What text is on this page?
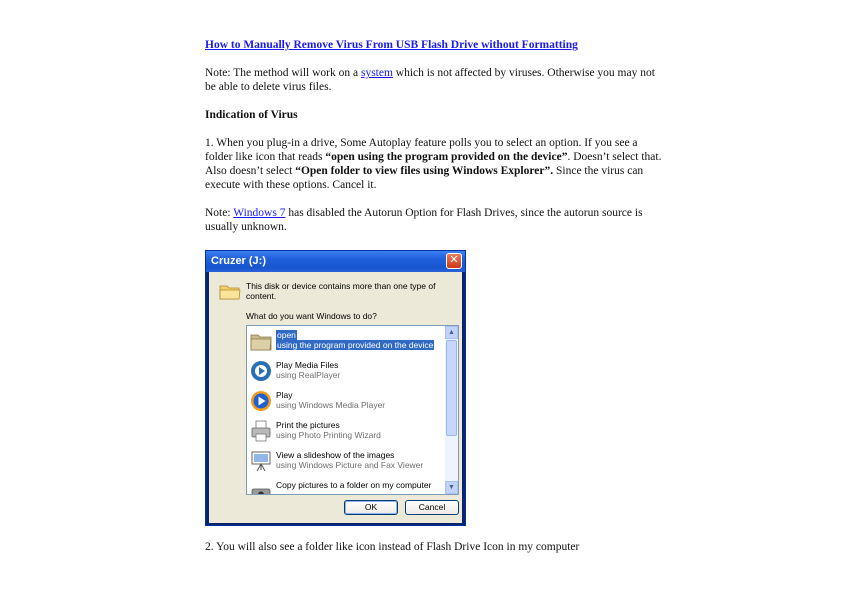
How to Manually Remove Virus From USB Flash Drive without Formatting

Note: The method will work on a system which is not affected by viruses. Otherwise you may not be able to delete virus files.

Indication of Virus

1. When you plug-in a drive, Some Autoplay feature polls you to select an option. If you see a folder like icon that reads “open using the program provided on the device”. Doesn’t select that. Also doesn’t select “Open folder to view files using Windows Explorer”. Since the virus can execute with these options. Cancel it.

Note: Windows 7 has disabled the Autorun Option for Flash Drives, since the autorun source is usually unknown.

Cruzer (J:)	✕
This disk or device contains more than one type of content.
What do you want Windows to do?
open
using the program provided on the device
Play Media Files
using RealPlayer
Play
using Windows Media Player
Print the pictures
using Photo Printing Wizard
View a slideshow of the images
using Windows Picture and Fax Viewer
Copy pictures to a folder on my computer
▲
▼
OK	Cancel

2. You will also see a folder like icon instead of Flash Drive Icon in my computer
